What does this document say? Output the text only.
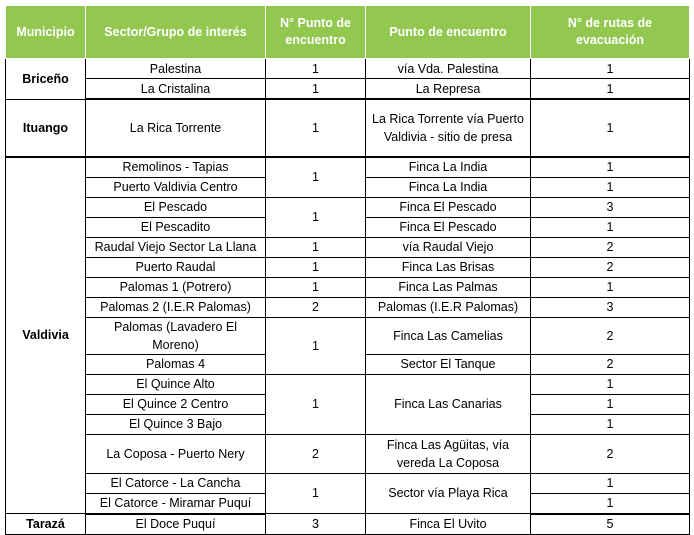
Municipio	Sector/Grupo de interés	N° Punto de encuentro	Punto de encuentro	N° de rutas de evacuación
Briceño	Palestina	1	vía Vda. Palestina	1
	La Cristalina	1	La Represa	1
Ituango	La Rica Torrente	1	La Rica Torrente vía Puerto Valdivia - sitio de presa	1
Valdivia	Remolinos - Tapias	1	Finca La India	1
	Puerto Valdivia Centro		Finca La India	1
	El Pescado	1	Finca El Pescado	3
	El Pescadito		Finca El Pescado	1
	Raudal Viejo Sector La Llana	1	vía Raudal Viejo	2
	Puerto Raudal	1	Finca Las Brisas	2
	Palomas 1 (Potrero)	1	Finca Las Palmas	1
	Palomas 2 (I.E.R Palomas)	2	Palomas (I.E.R Palomas)	3
	Palomas (Lavadero El Moreno)	1	Finca Las Camelias	2
	Palomas 4		Sector El Tanque	2
	El Quince Alto	1	Finca Las Canarias	1
	El Quince 2 Centro			1
	El Quince 3 Bajo			1
	La Coposa - Puerto Nery	2	Finca Las Agüitas, vía vereda La Coposa	2
	El Catorce - La Cancha	1	Sector vía Playa Rica	1
	El Catorce - Miramar Puquí			1
Tarazá	El Doce Puquí	3	Finca El Uvito	5
